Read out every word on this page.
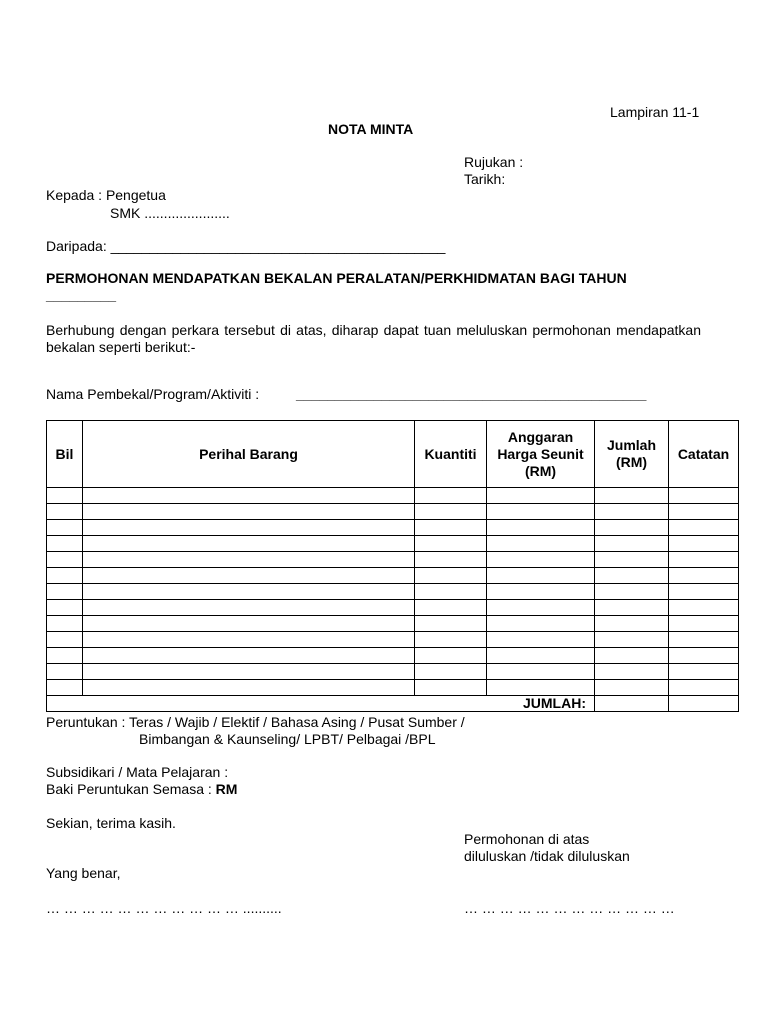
Lampiran 11-1
NOTA MINTA
Rujukan :
Tarikh:
Kepada : Pengetua
SMK ......................
Daripada: ___________________________________________
PERMOHONAN MENDAPATKAN BEKALAN PERALATAN/PERKHIDMATAN BAGI TAHUN
_________
Berhubung dengan perkara tersebut di atas, diharap dapat tuan meluluskan permohonan mendapatkan bekalan seperti berikut:-
Nama Pembekal/Program/Aktiviti :	_____________________________________________
Bil	Perihal Barang	Kuantiti	Anggaran Harga Seunit (RM)	Jumlah (RM)	Catatan

	JUMLAH:				
Peruntukan : Teras / Wajib / Elektif / Bahasa Asing / Pusat Sumber /
Bimbangan & Kaunseling/ LPBT/ Pelbagai /BPL
Subsidikari / Mata Pelajaran :
Baki Peruntukan Semasa : RM
Sekian, terima kasih.
Permohonan di atas
diluluskan /tidak diluluskan
Yang benar,
… … … … … … … … … … … ..........	… … … … … … … … … … … …
